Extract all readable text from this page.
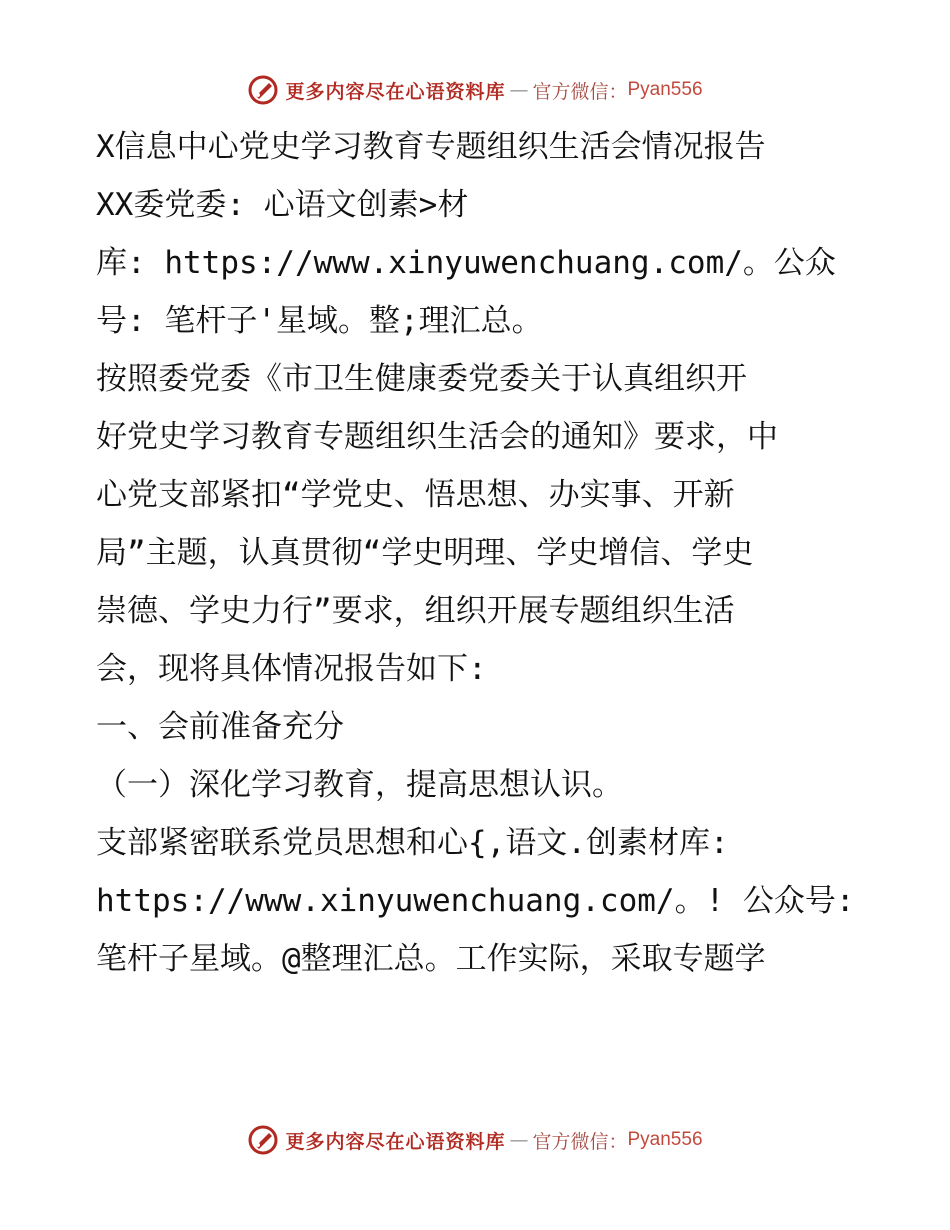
更多内容尽在心语资料库 — 官方微信： Pyan556
X信息中心党史学习教育专题组织生活会情况报告
XX委党委: 心语文创素>材
库: https://www.xinyuwenchuang.com/。公众
号: 笔杆子'星域。整;理汇总。
按照委党委《市卫生健康委党委关于认真组织开
好党史学习教育专题组织生活会的通知》要求，中
心党支部紧扣“学党史、悟思想、办实事、开新
局”主题，认真贯彻“学史明理、学史增信、学史
崇德、学史力行”要求，组织开展专题组织生活
会，现将具体情况报告如下:
一、会前准备充分
（一）深化学习教育，提高思想认识。
支部紧密联系党员思想和心{,语文.创素材库:
https://www.xinyuwenchuang.com/。! 公众号:
笔杆子星域。@整理汇总。工作实际，采取专题学
更多内容尽在心语资料库 — 官方微信： Pyan556
